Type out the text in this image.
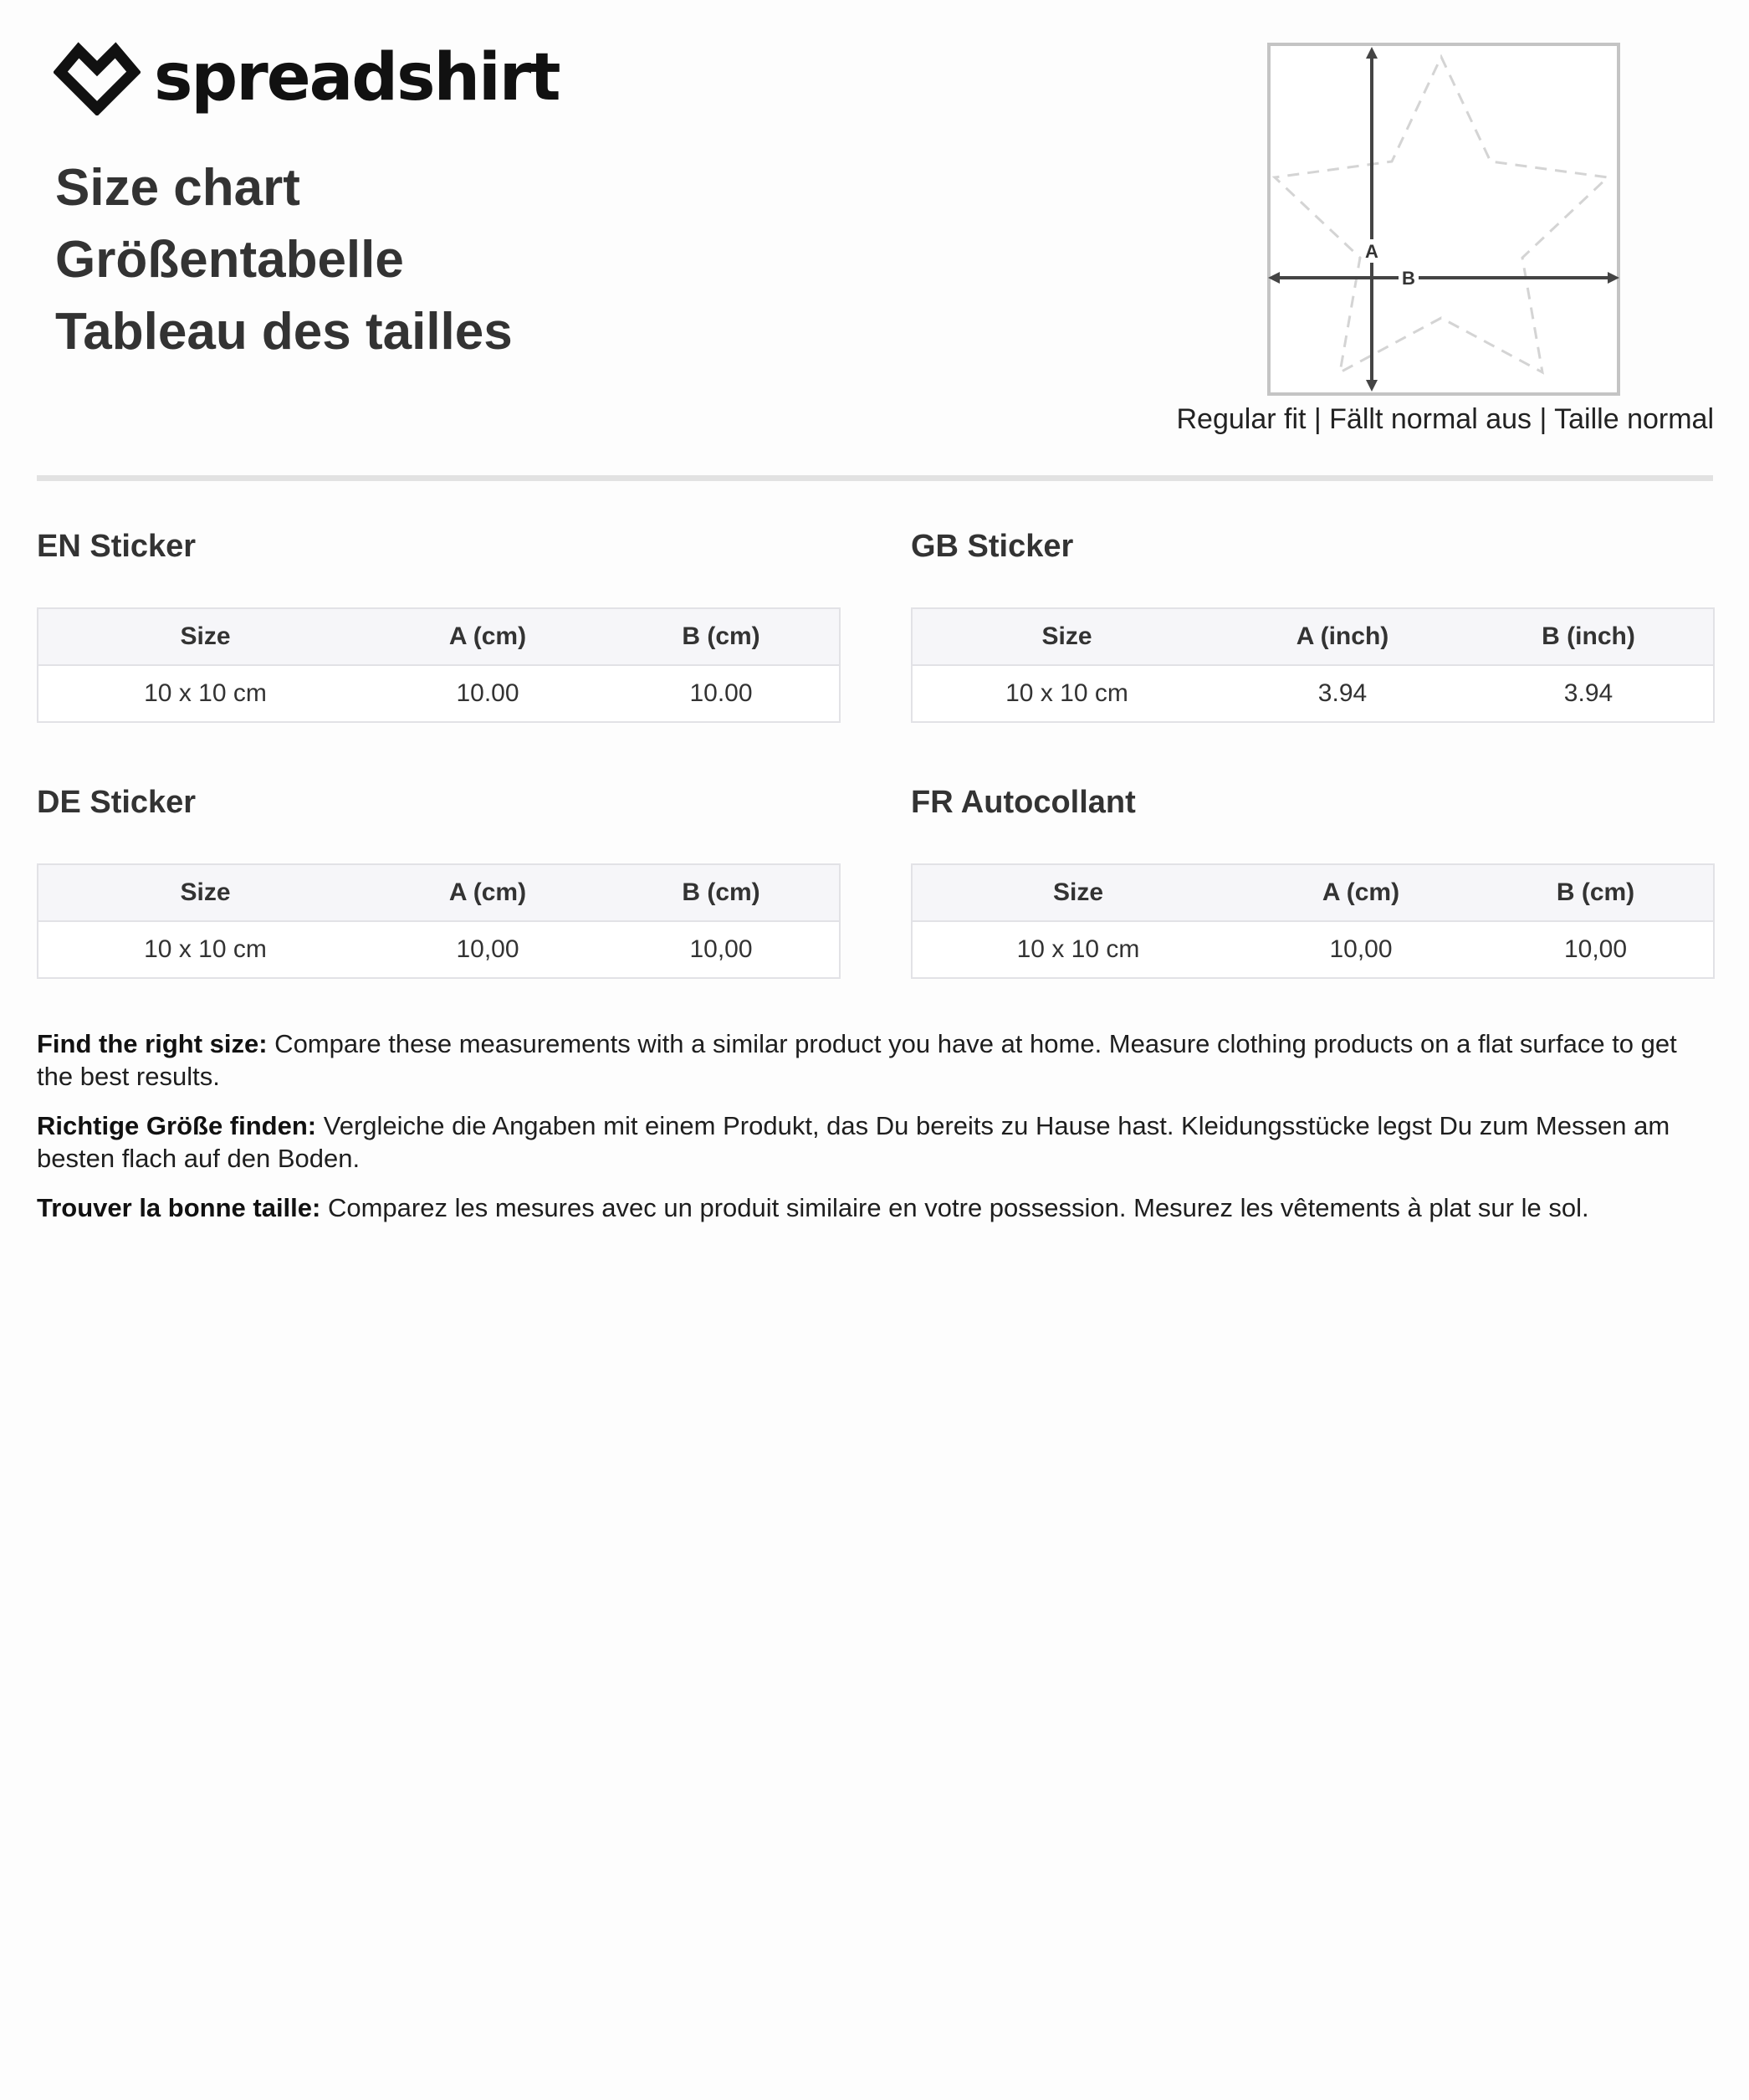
spreadshirt
Size chart
Größentabelle
Tableau des tailles
A
B
Regular fit | Fällt normal aus | Taille normal
EN Sticker
Size	A (cm)	B (cm)
10 x 10 cm	10.00	10.00
GB Sticker
Size	A (inch)	B (inch)
10 x 10 cm	3.94	3.94
DE Sticker
Size	A (cm)	B (cm)
10 x 10 cm	10,00	10,00
FR Autocollant
Size	A (cm)	B (cm)
10 x 10 cm	10,00	10,00

Find the right size: Compare these measurements with a similar product you have at home. Measure clothing products on a flat surface to get the best results.

Richtige Größe finden: Vergleiche die Angaben mit einem Produkt, das Du bereits zu Hause hast. Kleidungsstücke legst Du zum Messen am besten flach auf den Boden.

Trouver la bonne taille: Comparez les mesures avec un produit similaire en votre possession. Mesurez les vêtements à plat sur le sol.
